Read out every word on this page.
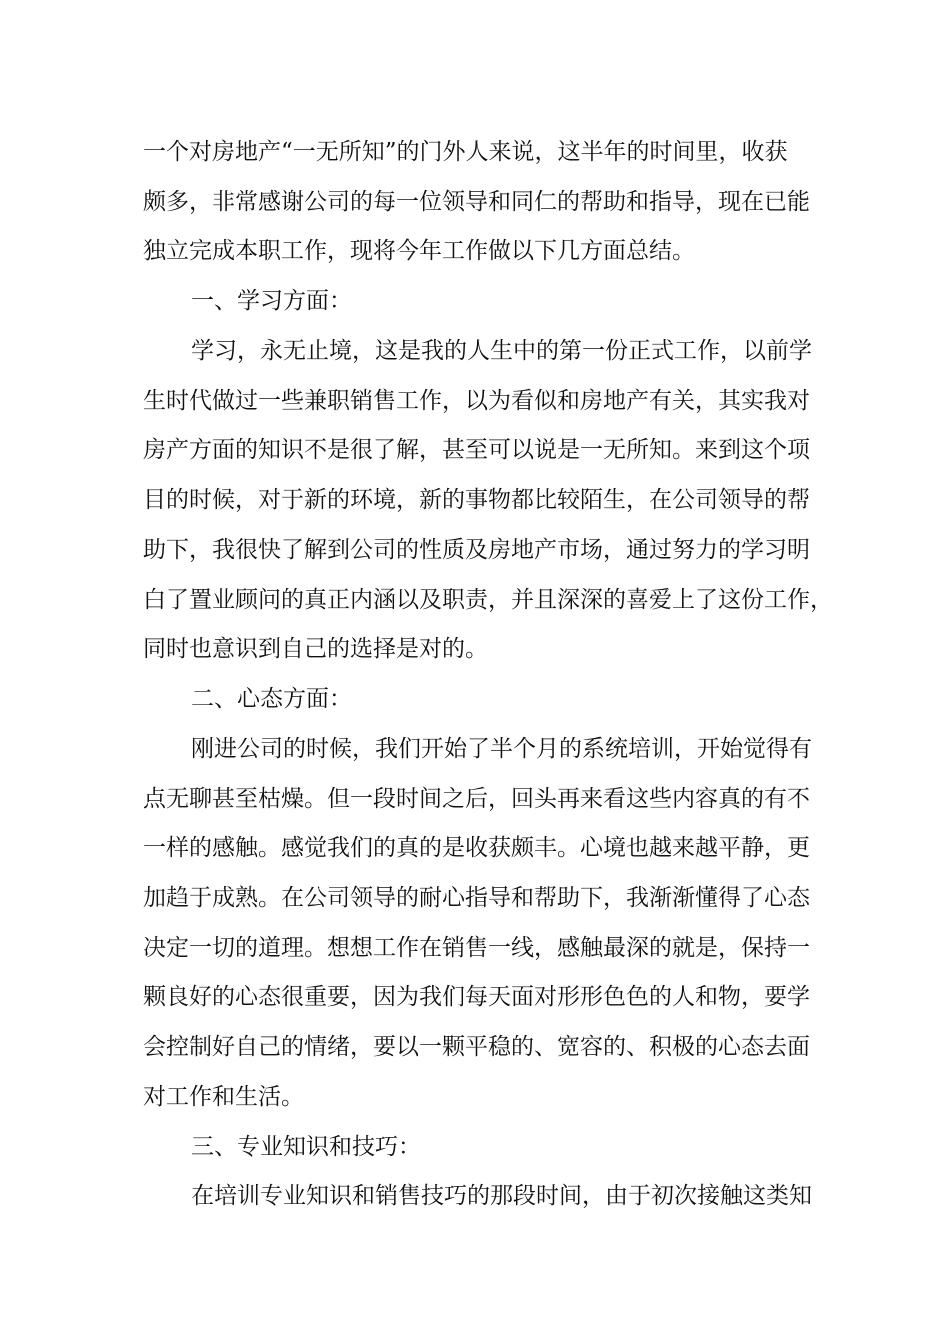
一个对房地产“一无所知”的门外人来说，这半年的时间里，收获
颇多，非常感谢公司的每一位领导和同仁的帮助和指导，现在已能
独立完成本职工作，现将今年工作做以下几方面总结。
一、学习方面：
学习，永无止境，这是我的人生中的第一份正式工作，以前学
生时代做过一些兼职销售工作，以为看似和房地产有关，其实我对
房产方面的知识不是很了解，甚至可以说是一无所知。来到这个项
目的时候，对于新的环境，新的事物都比较陌生，在公司领导的帮
助下，我很快了解到公司的性质及房地产市场，通过努力的学习明
白了置业顾问的真正内涵以及职责，并且深深的喜爱上了这份工作，
同时也意识到自己的选择是对的。
二、心态方面：
刚进公司的时候，我们开始了半个月的系统培训，开始觉得有
点无聊甚至枯燥。但一段时间之后，回头再来看这些内容真的有不
一样的感触。感觉我们的真的是收获颇丰。心境也越来越平静，更
加趋于成熟。在公司领导的耐心指导和帮助下，我渐渐懂得了心态
决定一切的道理。想想工作在销售一线，感触最深的就是，保持一
颗良好的心态很重要，因为我们每天面对形形色色的人和物，要学
会控制好自己的情绪，要以一颗平稳的、宽容的、积极的心态去面
对工作和生活。
三、专业知识和技巧：
在培训专业知识和销售技巧的那段时间，由于初次接触这类知
